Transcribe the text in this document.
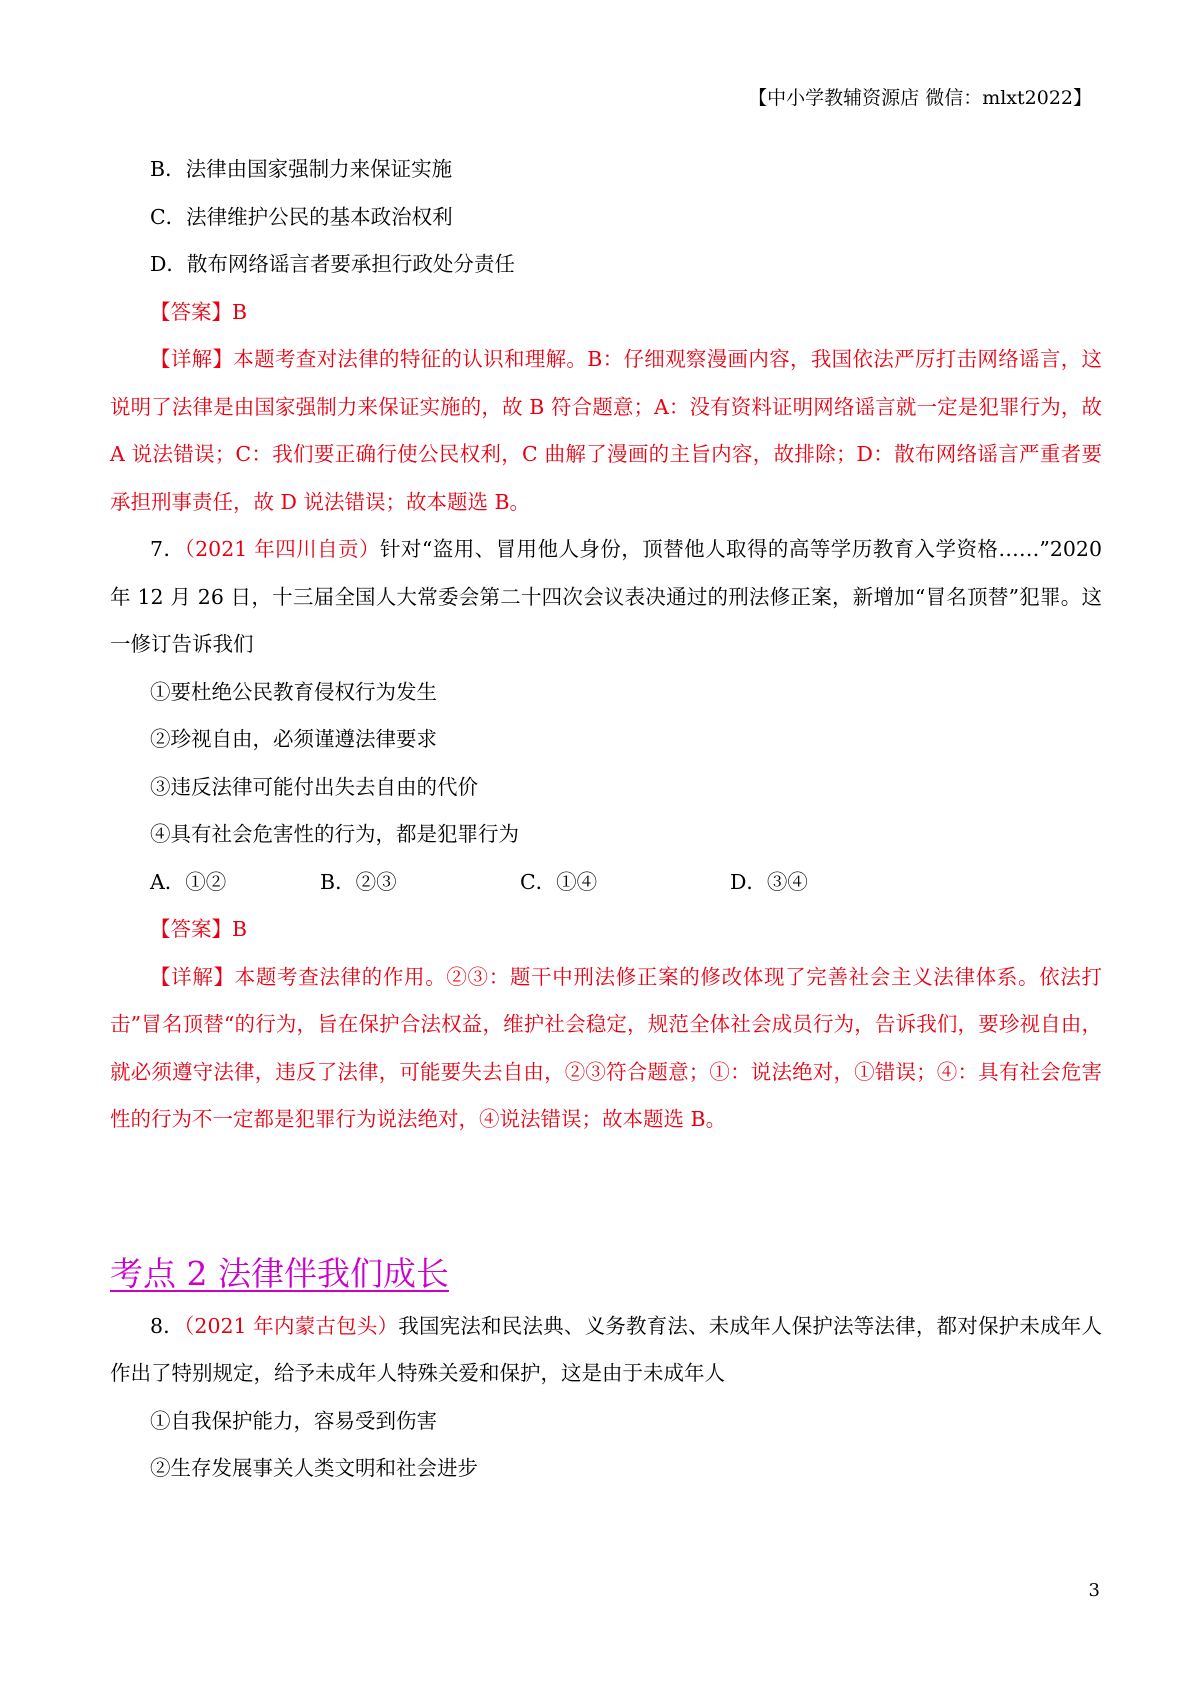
【中小学教辅资源店 微信：mlxt2022】
B．法律由国家强制力来保证实施
C．法律维护公民的基本政治权利
D．散布网络谣言者要承担行政处分责任
【答案】B
【详解】本题考查对法律的特征的认识和理解。B：仔细观察漫画内容，我国依法严厉打击网络谣言，这说明了法律是由国家强制力来保证实施的，故 B 符合题意；A：没有资料证明网络谣言就一定是犯罪行为，故 A 说法错误；C：我们要正确行使公民权利，C 曲解了漫画的主旨内容，故排除；D：散布网络谣言严重者要承担刑事责任，故 D 说法错误；故本题选 B。
7．（2021 年四川自贡）针对“盗用、冒用他人身份，顶替他人取得的高等学历教育入学资格……”2020 年 12 月 26 日，十三届全国人大常委会第二十四次会议表决通过的刑法修正案，新增加“冒名顶替”犯罪。这一修订告诉我们
①要杜绝公民教育侵权行为发生
②珍视自由，必须谨遵法律要求
③违反法律可能付出失去自由的代价
④具有社会危害性的行为，都是犯罪行为
A．①②	B．②③	C．①④	D．③④
【答案】B
【详解】本题考查法律的作用。②③：题干中刑法修正案的修改体现了完善社会主义法律体系。依法打击”冒名顶替“的行为，旨在保护合法权益，维护社会稳定，规范全体社会成员行为，告诉我们，要珍视自由，就必须遵守法律，违反了法律，可能要失去自由，②③符合题意；①：说法绝对，①错误；④：具有社会危害性的行为不一定都是犯罪行为说法绝对，④说法错误；故本题选 B。
考点 2 法律伴我们成长
8．（2021 年内蒙古包头）我国宪法和民法典、义务教育法、未成年人保护法等法律，都对保护未成年人作出了特别规定，给予未成年人特殊关爱和保护，这是由于未成年人
①自我保护能力，容易受到伤害
②生存发展事关人类文明和社会进步
3
